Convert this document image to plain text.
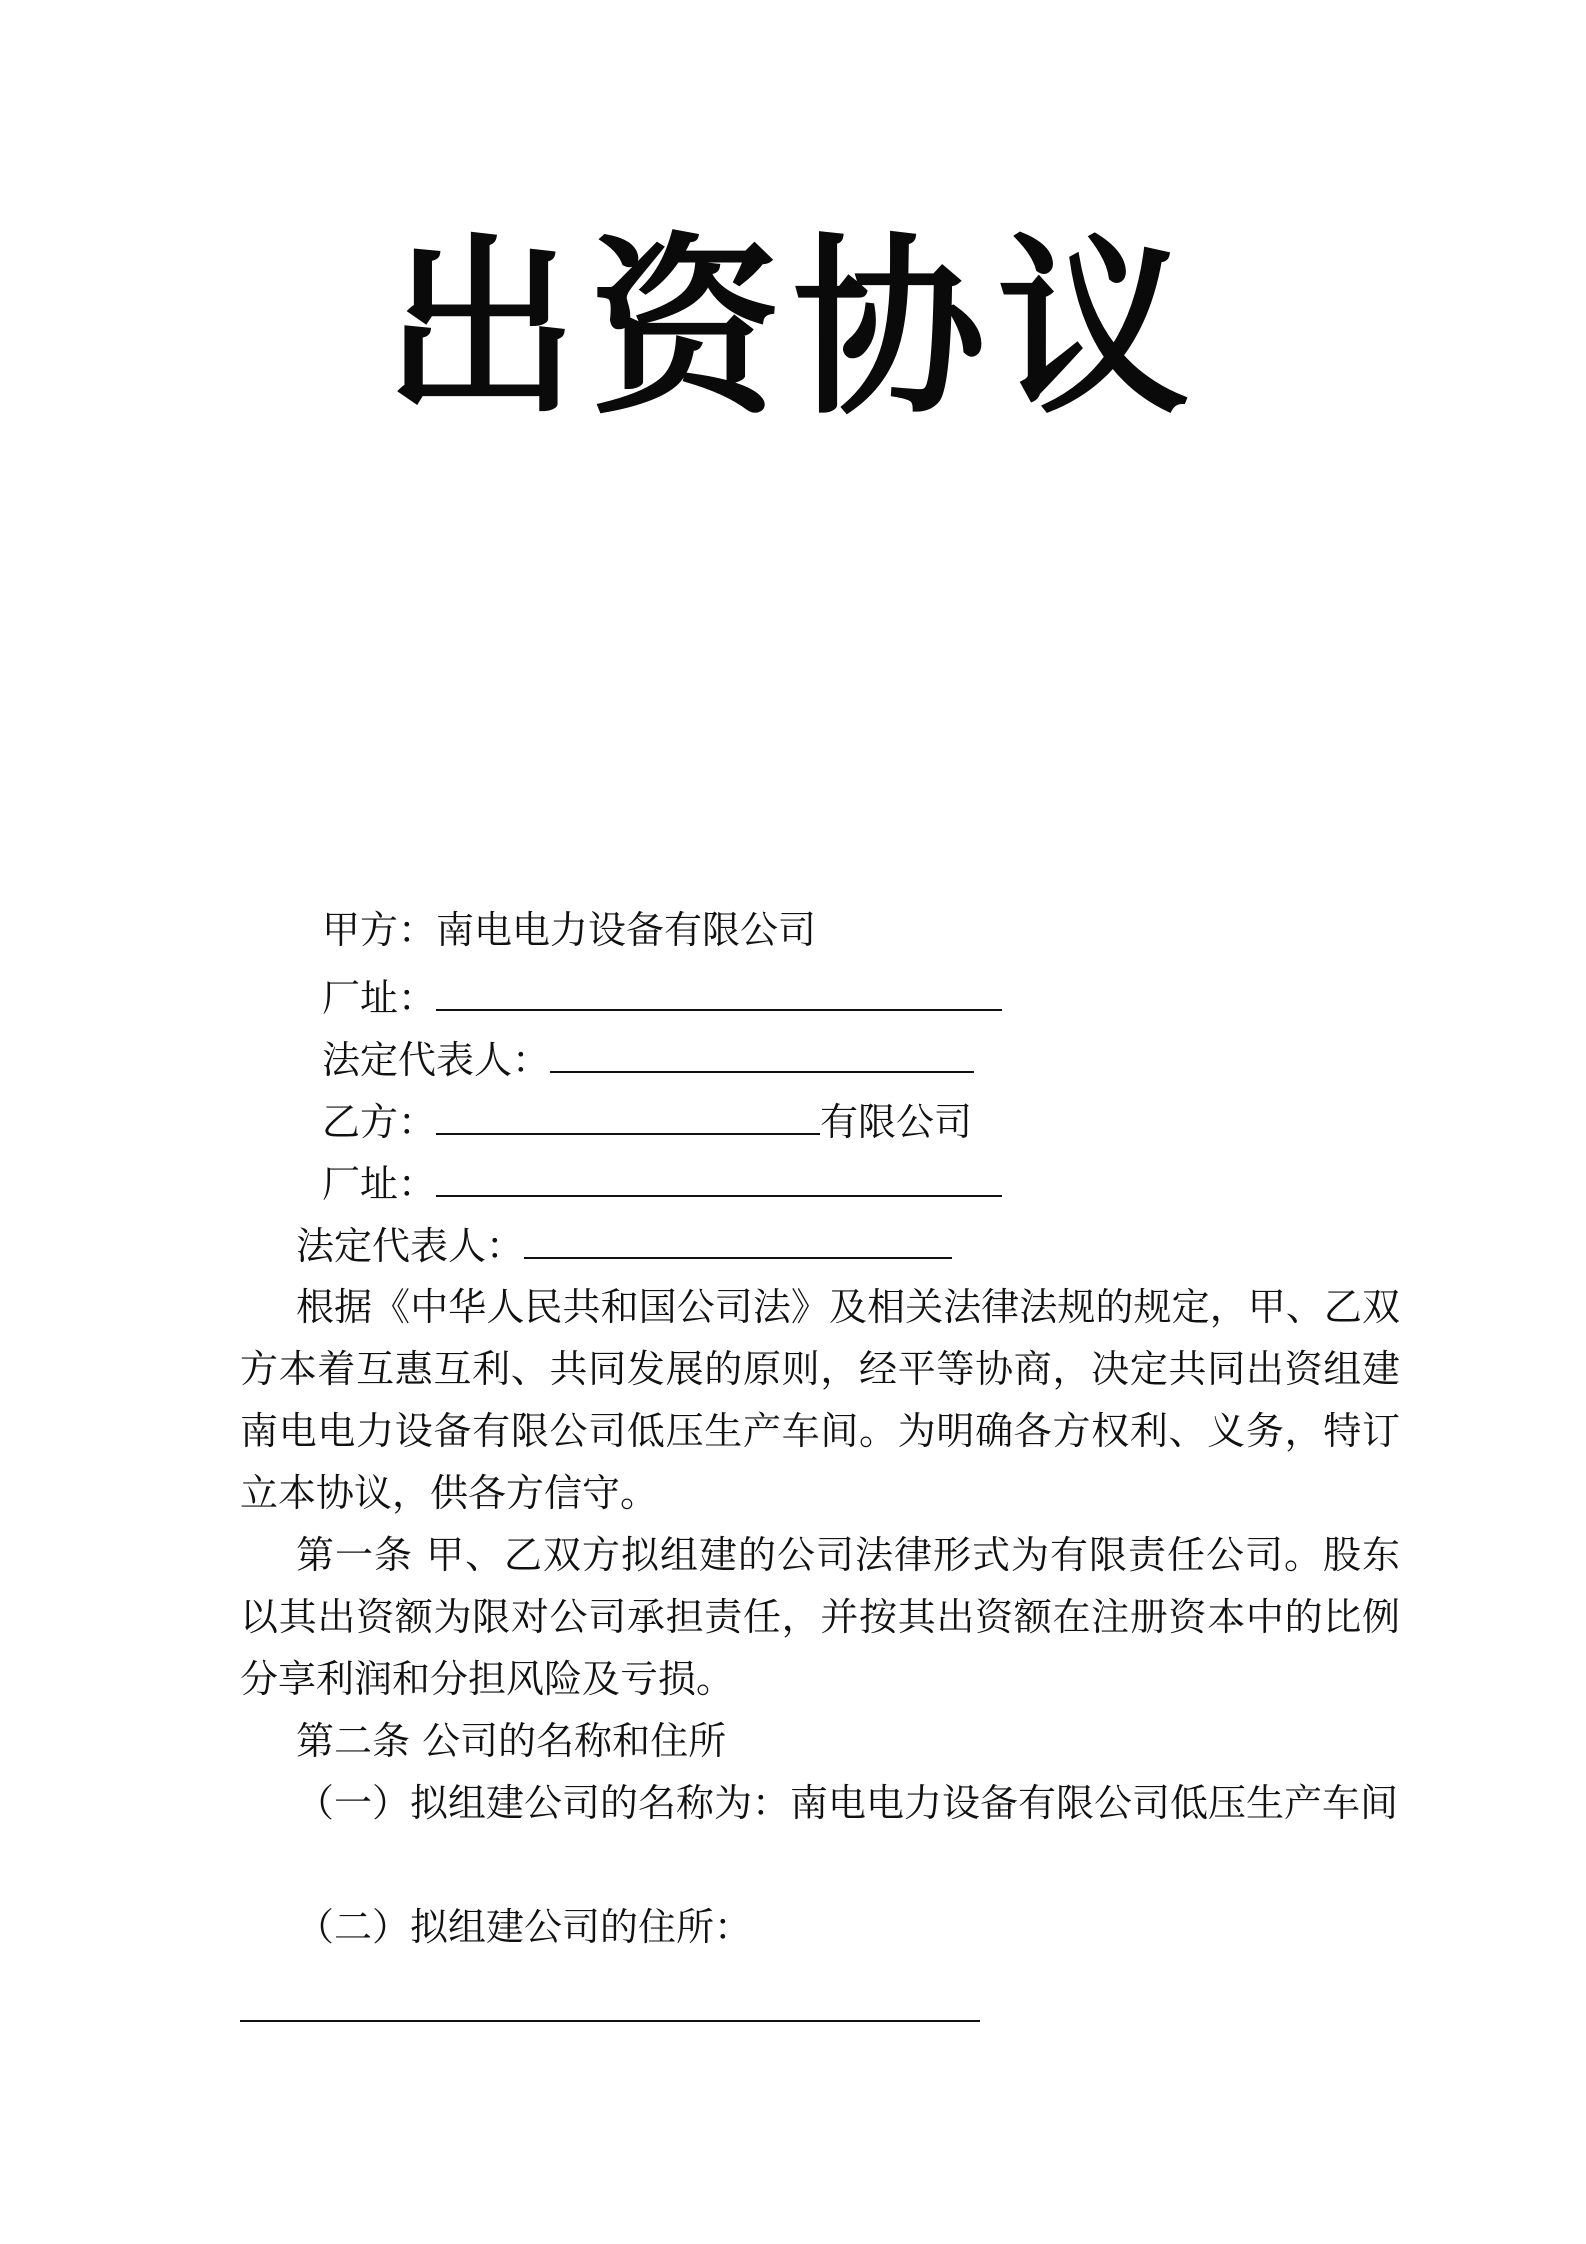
出资协议
甲方：南电电力设备有限公司
厂址：
法定代表人：
乙方：	有限公司
厂址：
法定代表人：
根据《中华人民共和国公司法》及相关法律法规的规定，甲、乙双方本着互惠互利、共同发展的原则，经平等协商，决定共同出资组建南电电力设备有限公司低压生产车间。为明确各方权利、义务，特订立本协议，供各方信守。
第一条 甲、乙双方拟组建的公司法律形式为有限责任公司。股东以其出资额为限对公司承担责任，并按其出资额在注册资本中的比例分享利润和分担风险及亏损。
第二条 公司的名称和住所
（一）拟组建公司的名称为：南电电力设备有限公司低压生产车间
（二）拟组建公司的住所：
